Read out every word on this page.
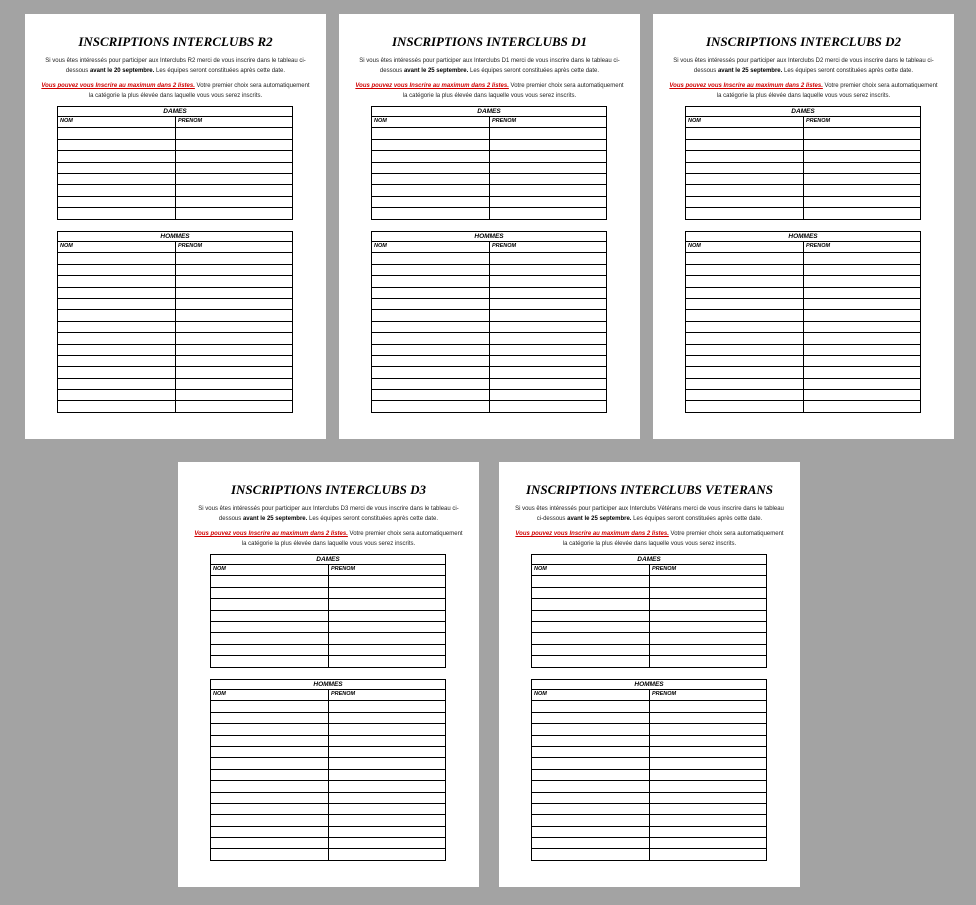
INSCRIPTIONS INTERCLUBS R2
Si vous êtes intéressés pour participer aux Interclubs R2 merci de vous inscrire dans le tableau ci-dessous avant le 20 septembre. Les équipes seront constituées après cette date.
Vous pouvez vous Inscrire au maximum dans 2 listes. Votre premier choix sera automatiquement la catégorie la plus élevée dans laquelle vous vous serez inscrits.
DAMES
NOM	PRENOM
HOMMES
NOM	PRENOM
INSCRIPTIONS INTERCLUBS D1
Si vous êtes intéressés pour participer aux Interclubs D1 merci de vous inscrire dans le tableau ci-dessous avant le 25 septembre. Les équipes seront constituées après cette date.
Vous pouvez vous Inscrire au maximum dans 2 listes. Votre premier choix sera automatiquement la catégorie la plus élevée dans laquelle vous vous serez inscrits.
DAMES
NOM	PRENOM
HOMMES
NOM	PRENOM
INSCRIPTIONS INTERCLUBS D2
Si vous êtes intéressés pour participer aux Interclubs D2 merci de vous inscrire dans le tableau ci-dessous avant le 25 septembre. Les équipes seront constituées après cette date.
Vous pouvez vous Inscrire au maximum dans 2 listes. Votre premier choix sera automatiquement la catégorie la plus élevée dans laquelle vous vous serez inscrits.
DAMES
NOM	PRENOM
HOMMES
NOM	PRENOM
INSCRIPTIONS INTERCLUBS D3
Si vous êtes intéressés pour participer aux Interclubs D3 merci de vous inscrire dans le tableau ci-dessous avant le 25 septembre. Les équipes seront constituées après cette date.
Vous pouvez vous Inscrire au maximum dans 2 listes. Votre premier choix sera automatiquement la catégorie la plus élevée dans laquelle vous vous serez inscrits.
DAMES
NOM	PRENOM
HOMMES
NOM	PRENOM
INSCRIPTIONS INTERCLUBS VETERANS
Si vous êtes intéressés pour participer aux Interclubs Vétérans merci de vous inscrire dans le tableau ci-dessous avant le 25 septembre. Les équipes seront constituées après cette date.
Vous pouvez vous Inscrire au maximum dans 2 listes. Votre premier choix sera automatiquement la catégorie la plus élevée dans laquelle vous vous serez inscrits.
DAMES
NOM	PRENOM
HOMMES
NOM	PRENOM
